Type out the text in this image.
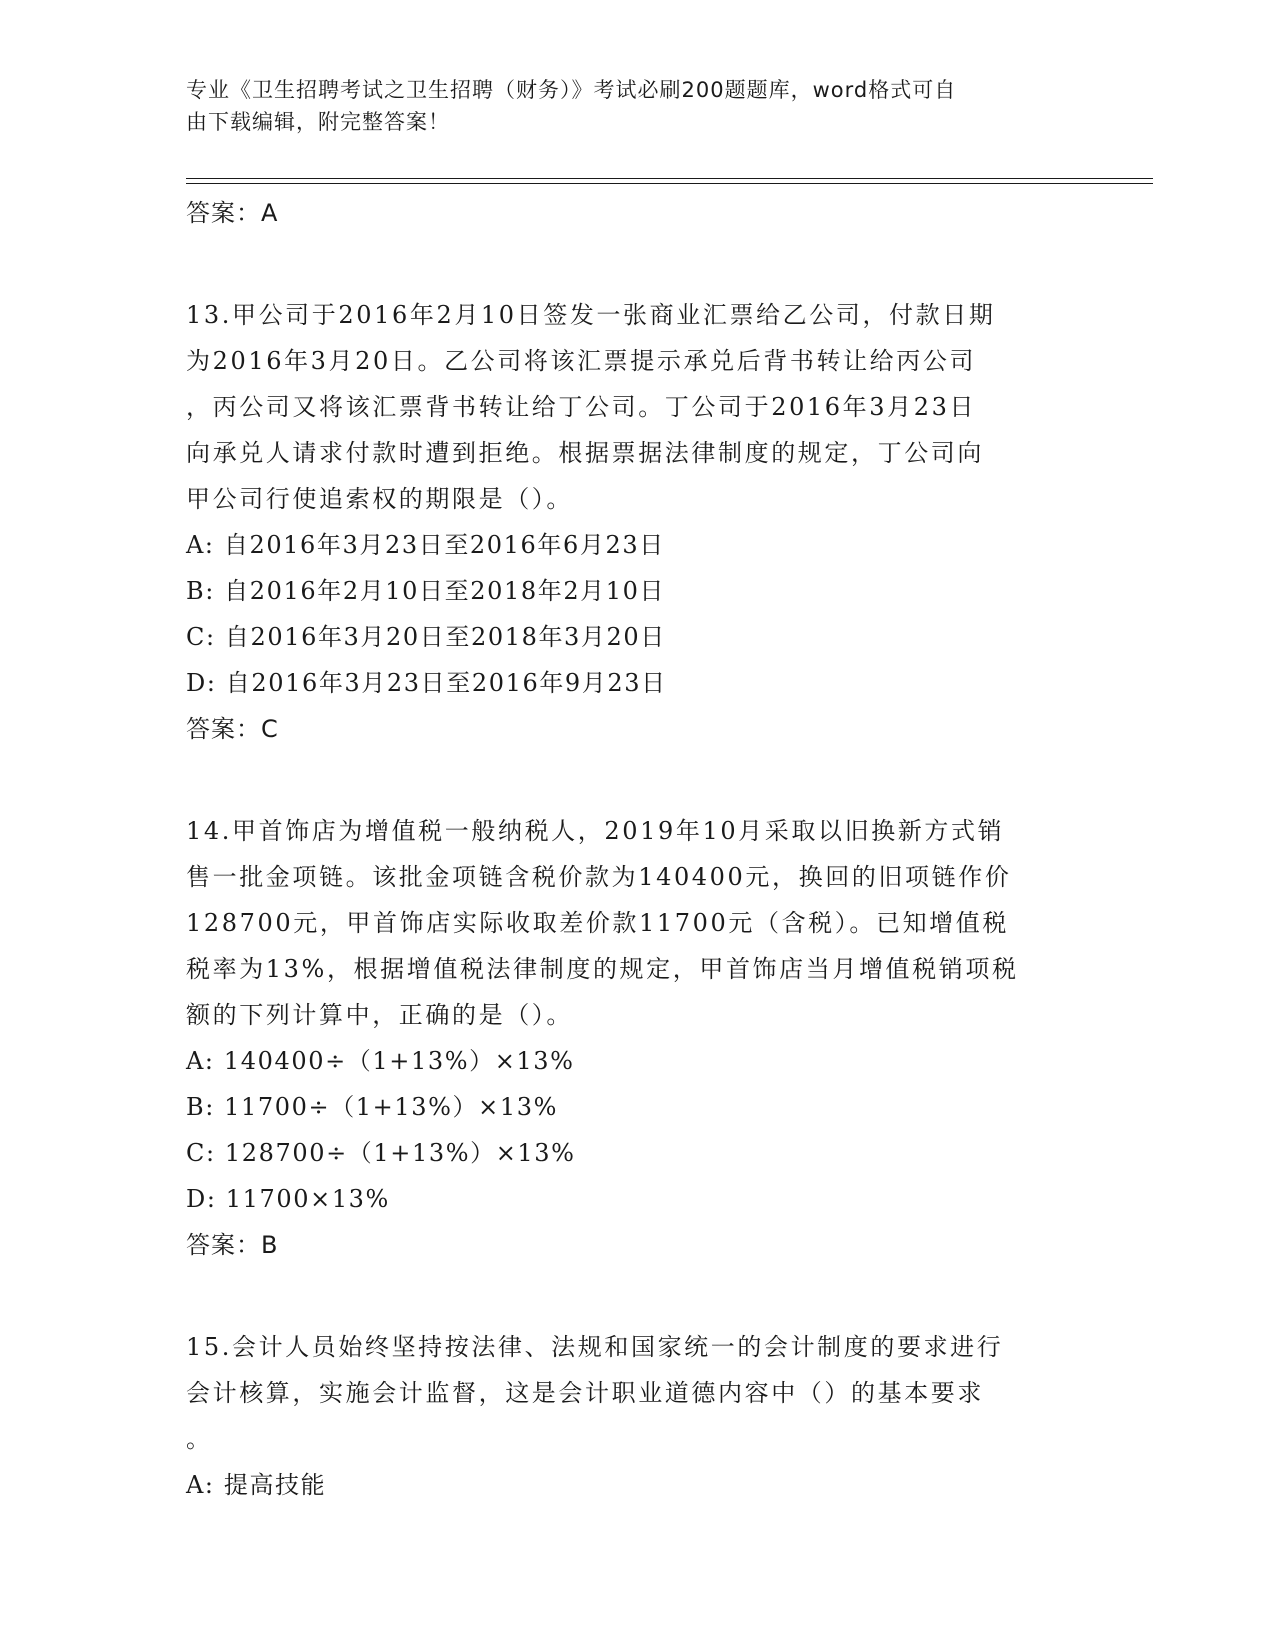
专业《卫生招聘考试之卫生招聘（财务）》考试必刷200题题库，word格式可自
由下载编辑，附完整答案！
答案：A
13.甲公司于2016年2月10日签发一张商业汇票给乙公司，付款日期
为2016年3月20日。乙公司将该汇票提示承兑后背书转让给丙公司
，丙公司又将该汇票背书转让给丁公司。丁公司于2016年3月23日
向承兑人请求付款时遭到拒绝。根据票据法律制度的规定，丁公司向
甲公司行使追索权的期限是（）。
A: 自2016年3月23日至2016年6月23日
B: 自2016年2月10日至2018年2月10日
C: 自2016年3月20日至2018年3月20日
D: 自2016年3月23日至2016年9月23日
答案：C
14.甲首饰店为增值税一般纳税人，2019年10月采取以旧换新方式销
售一批金项链。该批金项链含税价款为140400元，换回的旧项链作价
128700元，甲首饰店实际收取差价款11700元（含税）。已知增值税
税率为13%，根据增值税法律制度的规定，甲首饰店当月增值税销项税
额的下列计算中，正确的是（）。
A: 140400÷（1+13%）×13%
B: 11700÷（1+13%）×13%
C: 128700÷（1+13%）×13%
D: 11700×13%
答案：B
15.会计人员始终坚持按法律、法规和国家统一的会计制度的要求进行
会计核算，实施会计监督，这是会计职业道德内容中（）的基本要求
。
A: 提高技能
